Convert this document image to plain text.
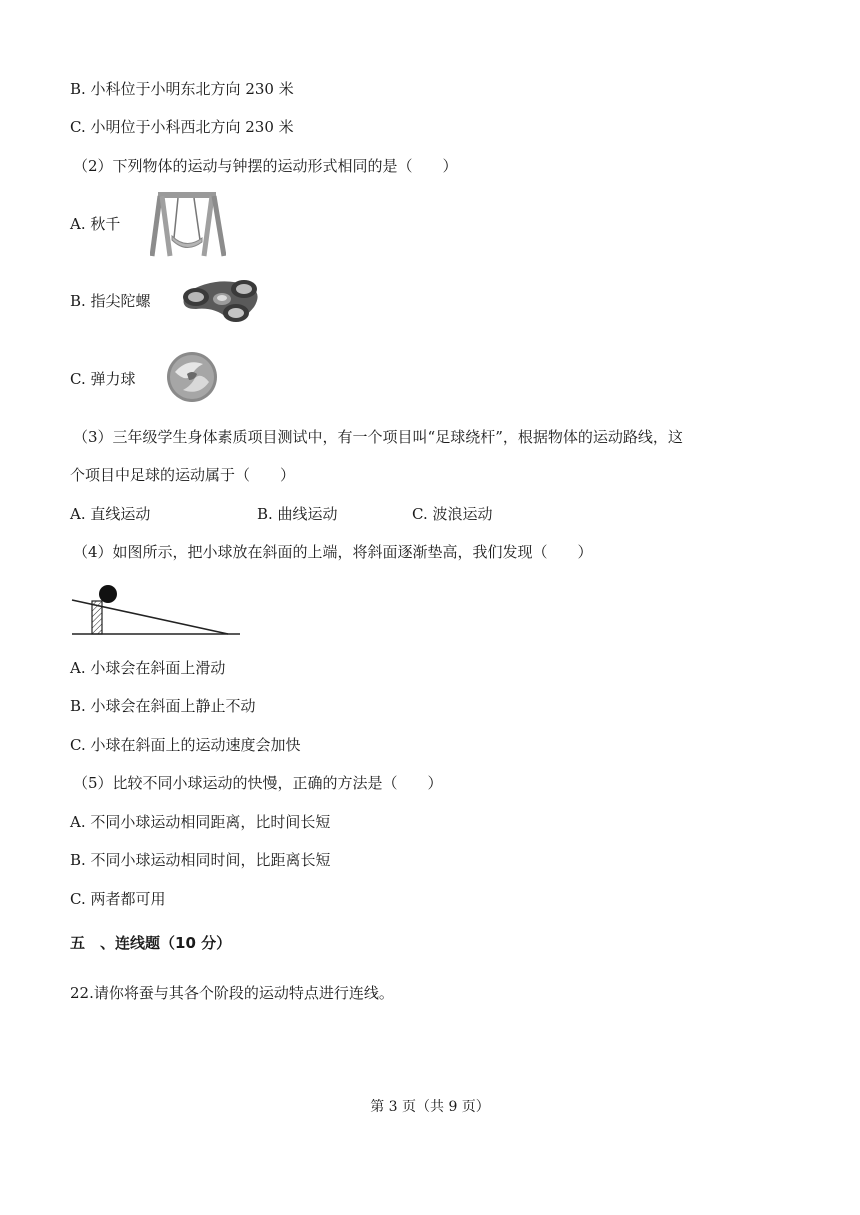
B. 小科位于小明东北方向 230 米
C. 小明位于小科西北方向 230 米
（2）下列物体的运动与钟摆的运动形式相同的是（　　）
A. 秋千
B. 指尖陀螺
C. 弹力球
（3）三年级学生身体素质项目测试中，有一个项目叫“足球绕杆”，根据物体的运动路线，这
个项目中足球的运动属于（　　）
A. 直线运动	B. 曲线运动	C. 波浪运动
（4）如图所示，把小球放在斜面的上端，将斜面逐渐垫高，我们发现（　　）
A. 小球会在斜面上滑动
B. 小球会在斜面上静止不动
C. 小球在斜面上的运动速度会加快
（5）比较不同小球运动的快慢，正确的方法是（　　）
A. 不同小球运动相同距离，比时间长短
B. 不同小球运动相同时间，比距离长短
C. 两者都可用
五　、连线题（10 分）
22.请你将蚕与其各个阶段的运动特点进行连线。
第 3 页（共 9 页）
